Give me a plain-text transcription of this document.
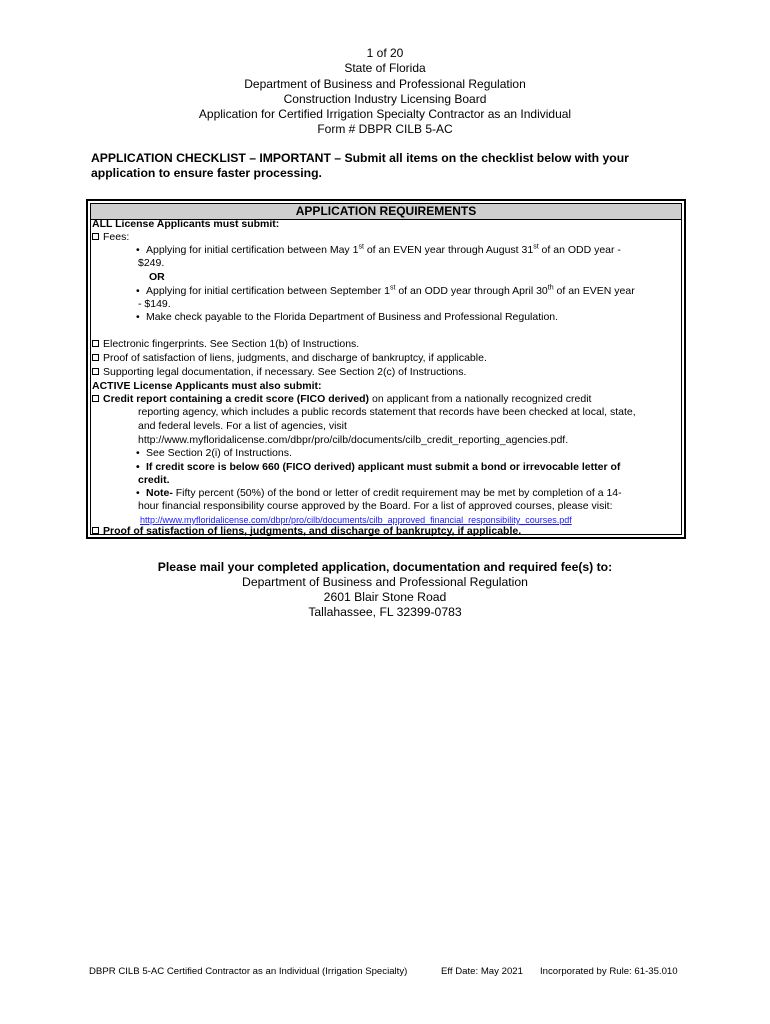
1 of 20
State of Florida
Department of Business and Professional Regulation
Construction Industry Licensing Board
Application for Certified Irrigation Specialty Contractor as an Individual
Form # DBPR CILB 5-AC
APPLICATION CHECKLIST – IMPORTANT – Submit all items on the checklist below with your
application to ensure faster processing.
APPLICATION REQUIREMENTS
ALL License Applicants must submit:
Fees:
• Applying for initial certification between May 1st of an EVEN year through August 31st of an ODD year -
$249.
OR
• Applying for initial certification between September 1st of an ODD year through April 30th of an EVEN year
- $149.
• Make check payable to the Florida Department of Business and Professional Regulation.
Electronic fingerprints. See Section 1(b) of Instructions.
Proof of satisfaction of liens, judgments, and discharge of bankruptcy, if applicable.
Supporting legal documentation, if necessary. See Section 2(c) of Instructions.
ACTIVE License Applicants must also submit:
Credit report containing a credit score (FICO derived) on applicant from a nationally recognized credit
reporting agency, which includes a public records statement that records have been checked at local, state,
and federal levels. For a list of agencies, visit
http://www.myfloridalicense.com/dbpr/pro/cilb/documents/cilb_credit_reporting_agencies.pdf.
• See Section 2(i) of Instructions.
• If credit score is below 660 (FICO derived) applicant must submit a bond or irrevocable letter of
credit.
• Note- Fifty percent (50%) of the bond or letter of credit requirement may be met by completion of a 14-
hour financial responsibility course approved by the Board. For a list of approved courses, please visit:
http://www.myfloridalicense.com/dbpr/pro/cilb/documents/cilb_approved_financial_responsibility_courses.pdf
Proof of satisfaction of liens, judgments, and discharge of bankruptcy, if applicable.
Please mail your completed application, documentation and required fee(s) to:
Department of Business and Professional Regulation
2601 Blair Stone Road
Tallahassee, FL 32399-0783
DBPR CILB 5-AC Certified Contractor as an Individual (Irrigation Specialty)	Eff Date: May 2021 Incorporated by Rule: 61-35.010
